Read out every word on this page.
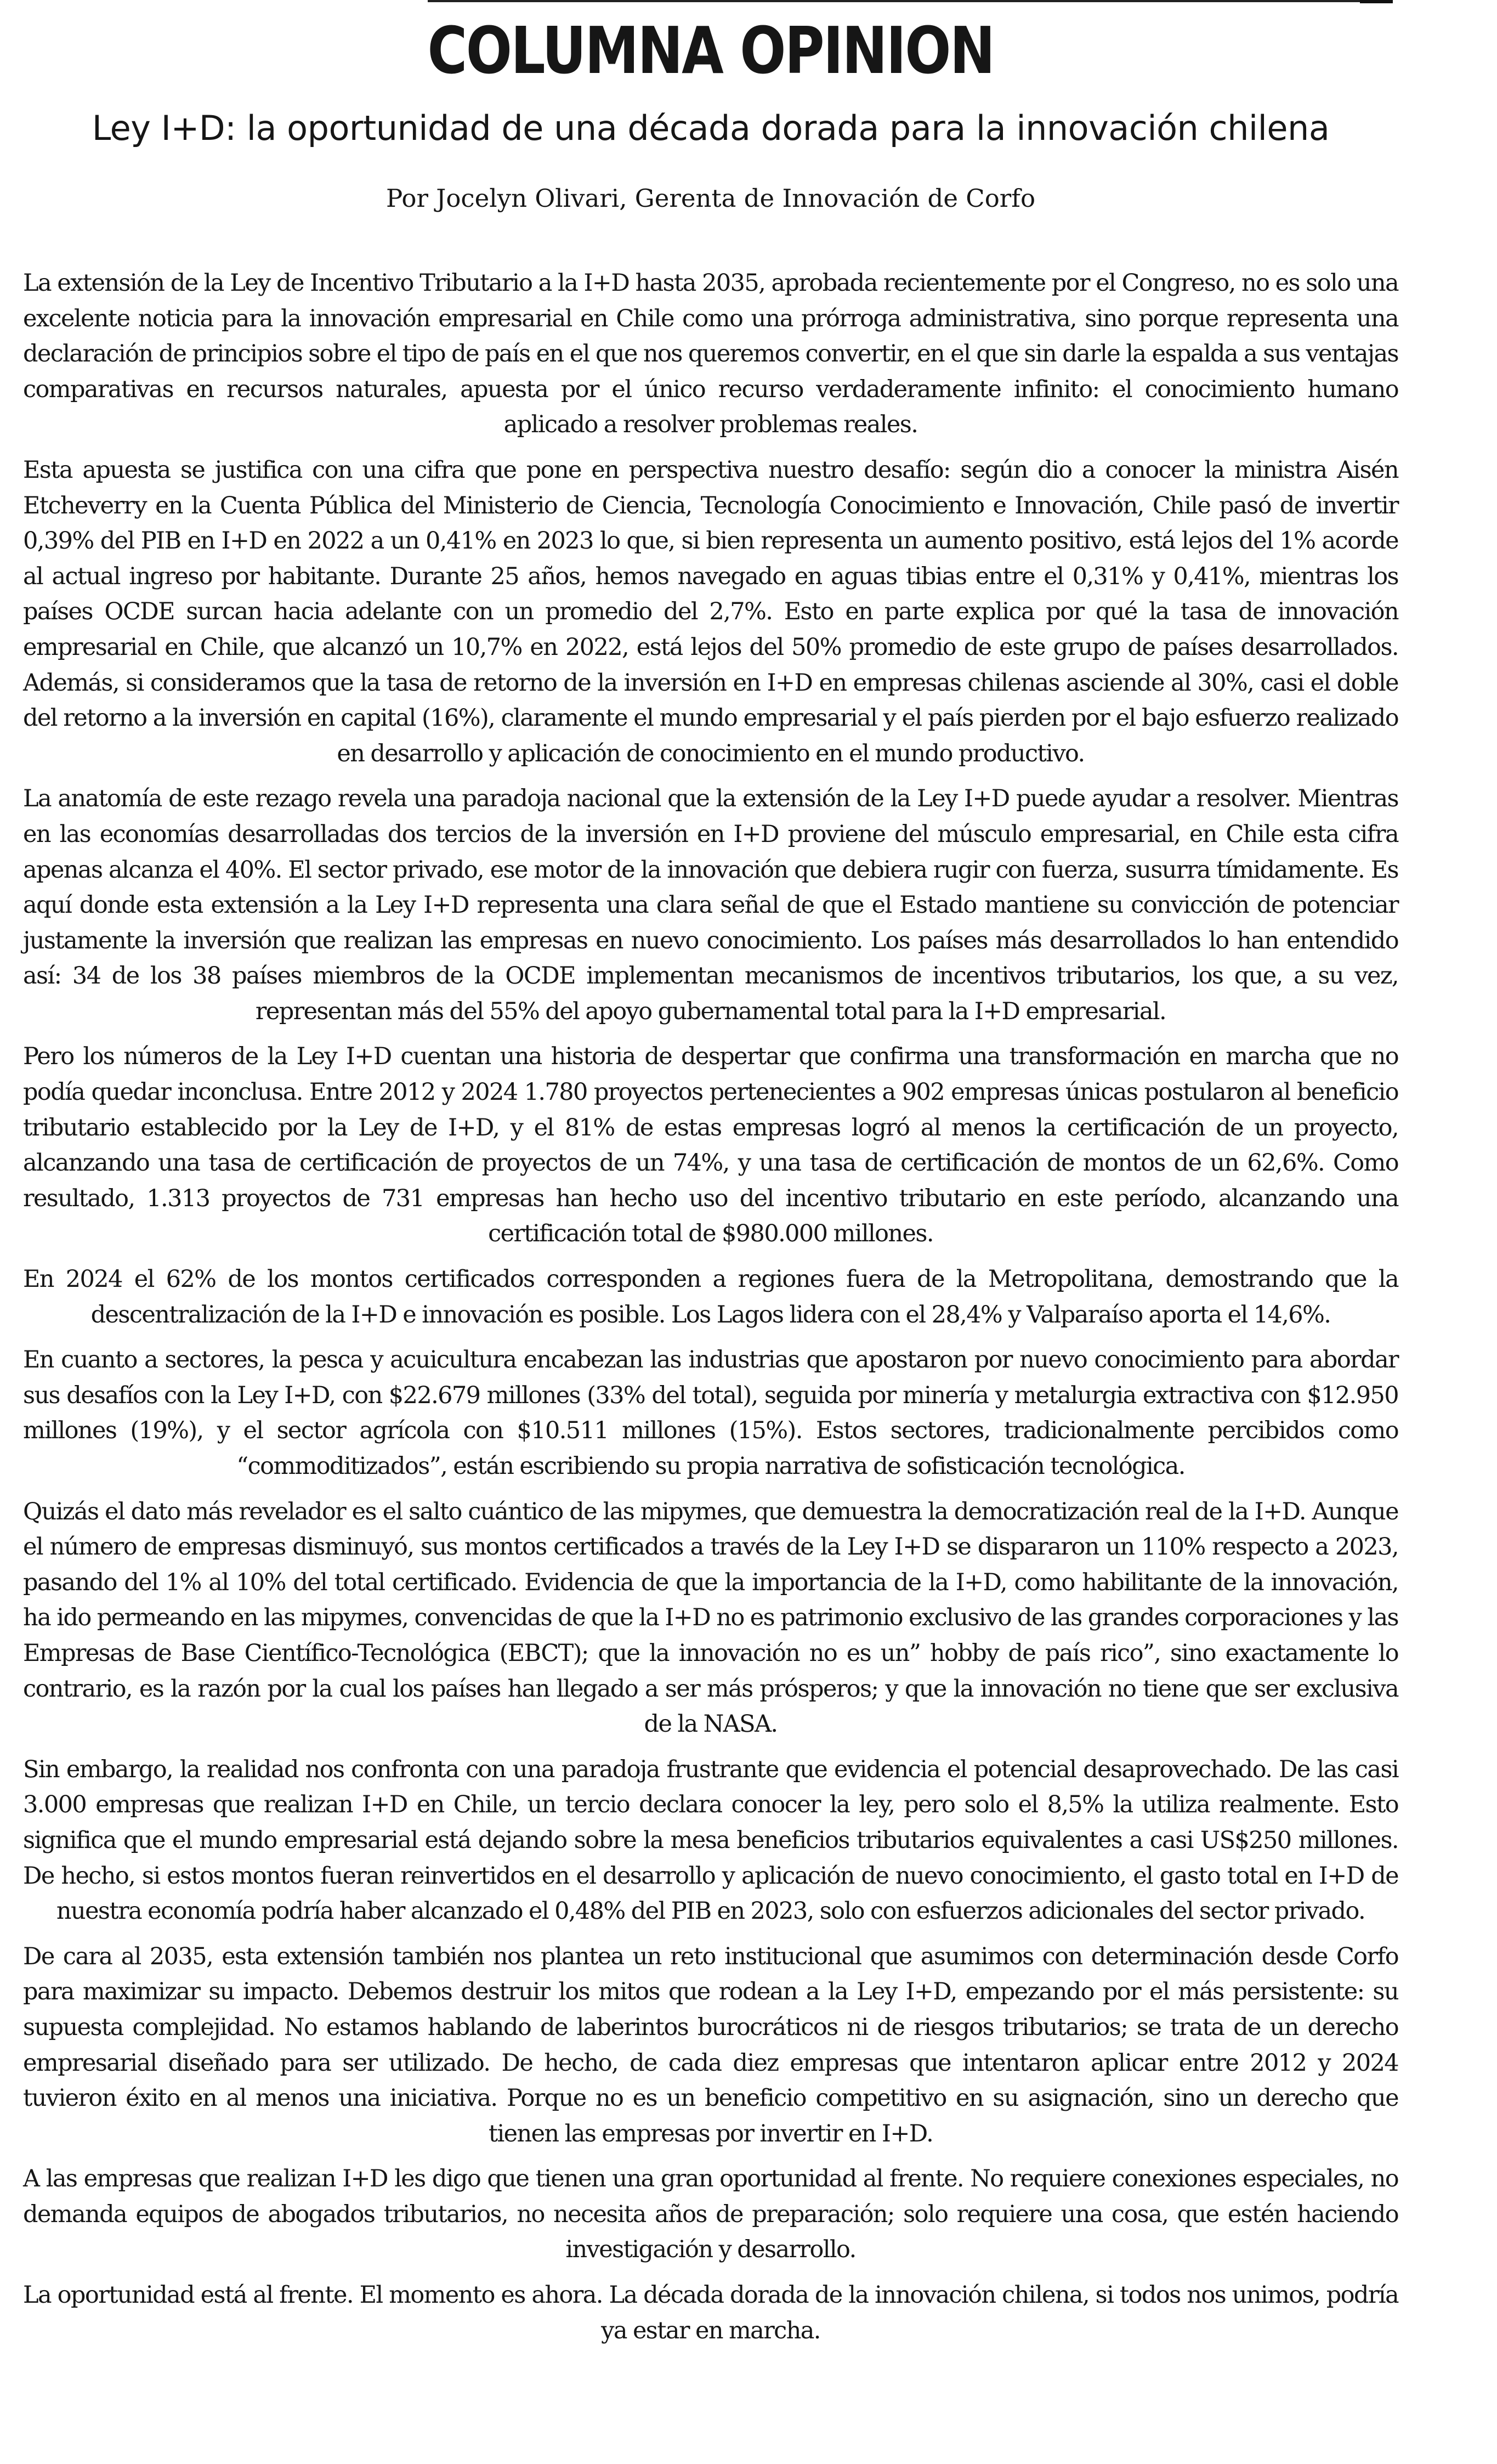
COLUMNA OPINION
Ley I+D: la oportunidad de una década dorada para la innovación chilena
Por Jocelyn Olivari, Gerenta de Innovación de Corfo

La extensión de la Ley de Incentivo Tributario a la I+D hasta 2035, aprobada recientemente por el Congreso, no es solo una excelente noticia para la innovación empresarial en Chile como una prórroga administrativa, sino porque representa una declaración de principios sobre el tipo de país en el que nos queremos convertir, en el que sin darle la espalda a sus ventajas comparativas en recursos naturales, apuesta por el único recurso verdaderamente infinito: el conocimiento humano aplicado a resolver problemas reales.

Esta apuesta se justifica con una cifra que pone en perspectiva nuestro desafío: según dio a conocer la ministra Aisén Etcheverry en la Cuenta Pública del Ministerio de Ciencia, Tecnología Conocimiento e Innovación, Chile pasó de invertir 0,39% del PIB en I+D en 2022 a un 0,41% en 2023 lo que, si bien representa un aumento positivo, está lejos del 1% acorde al actual ingreso por habitante. Durante 25 años, hemos navegado en aguas tibias entre el 0,31% y 0,41%, mientras los países OCDE surcan hacia adelante con un promedio del 2,7%. Esto en parte explica por qué la tasa de innovación empresarial en Chile, que alcanzó un 10,7% en 2022, está lejos del 50% promedio de este grupo de países desarrollados. Además, si consideramos que la tasa de retorno de la inversión en I+D en empresas chilenas asciende al 30%, casi el doble del retorno a la inversión en capital (16%), claramente el mundo empresarial y el país pierden por el bajo esfuerzo realizado en desarrollo y aplicación de conocimiento en el mundo productivo.

La anatomía de este rezago revela una paradoja nacional que la extensión de la Ley I+D puede ayudar a resolver. Mientras en las economías desarrolladas dos tercios de la inversión en I+D proviene del músculo empresarial, en Chile esta cifra apenas alcanza el 40%. El sector privado, ese motor de la innovación que debiera rugir con fuerza, susurra tímidamente. Es aquí donde esta extensión a la Ley I+D representa una clara señal de que el Estado mantiene su convicción de potenciar justamente la inversión que realizan las empresas en nuevo conocimiento. Los países más desarrollados lo han entendido así: 34 de los 38 países miembros de la OCDE implementan mecanismos de incentivos tributarios, los que, a su vez, representan más del 55% del apoyo gubernamental total para la I+D empresarial.

Pero los números de la Ley I+D cuentan una historia de despertar que confirma una transformación en marcha que no podía quedar inconclusa. Entre 2012 y 2024 1.780 proyectos pertenecientes a 902 empresas únicas postularon al beneficio tributario establecido por la Ley de I+D, y el 81% de estas empresas logró al menos la certificación de un proyecto, alcanzando una tasa de certificación de proyectos de un 74%, y una tasa de certificación de montos de un 62,6%. Como resultado, 1.313 proyectos de 731 empresas han hecho uso del incentivo tributario en este período, alcanzando una certificación total de $980.000 millones.

En 2024 el 62% de los montos certificados corresponden a regiones fuera de la Metropolitana, demostrando que la descentralización de la I+D e innovación es posible. Los Lagos lidera con el 28,4% y Valparaíso aporta el 14,6%.

En cuanto a sectores, la pesca y acuicultura encabezan las industrias que apostaron por nuevo conocimiento para abordar sus desafíos con la Ley I+D, con $22.679 millones (33% del total), seguida por minería y metalurgia extractiva con $12.950 millones (19%), y el sector agrícola con $10.511 millones (15%). Estos sectores, tradicionalmente percibidos como “commoditizados”, están escribiendo su propia narrativa de sofisticación tecnológica.

Quizás el dato más revelador es el salto cuántico de las mipymes, que demuestra la democratización real de la I+D. Aunque el número de empresas disminuyó, sus montos certificados a través de la Ley I+D se dispararon un 110% respecto a 2023, pasando del 1% al 10% del total certificado. Evidencia de que la importancia de la I+D, como habilitante de la innovación, ha ido permeando en las mipymes, convencidas de que la I+D no es patrimonio exclusivo de las grandes corporaciones y las Empresas de Base Científico-Tecnológica (EBCT); que la innovación no es un” hobby de país rico”, sino exactamente lo contrario, es la razón por la cual los países han llegado a ser más prósperos; y que la innovación no tiene que ser exclusiva de la NASA.

Sin embargo, la realidad nos confronta con una paradoja frustrante que evidencia el potencial desaprovechado. De las casi 3.000 empresas que realizan I+D en Chile, un tercio declara conocer la ley, pero solo el 8,5% la utiliza realmente. Esto significa que el mundo empresarial está dejando sobre la mesa beneficios tributarios equivalentes a casi US$250 millones. De hecho, si estos montos fueran reinvertidos en el desarrollo y aplicación de nuevo conocimiento, el gasto total en I+D de nuestra economía podría haber alcanzado el 0,48% del PIB en 2023, solo con esfuerzos adicionales del sector privado.

De cara al 2035, esta extensión también nos plantea un reto institucional que asumimos con determinación desde Corfo para maximizar su impacto. Debemos destruir los mitos que rodean a la Ley I+D, empezando por el más persistente: su supuesta complejidad. No estamos hablando de laberintos burocráticos ni de riesgos tributarios; se trata de un derecho empresarial diseñado para ser utilizado. De hecho, de cada diez empresas que intentaron aplicar entre 2012 y 2024 tuvieron éxito en al menos una iniciativa. Porque no es un beneficio competitivo en su asignación, sino un derecho que tienen las empresas por invertir en I+D.

A las empresas que realizan I+D les digo que tienen una gran oportunidad al frente. No requiere conexiones especiales, no demanda equipos de abogados tributarios, no necesita años de preparación; solo requiere una cosa, que estén haciendo investigación y desarrollo.

La oportunidad está al frente. El momento es ahora. La década dorada de la innovación chilena, si todos nos unimos, podría ya estar en marcha.
